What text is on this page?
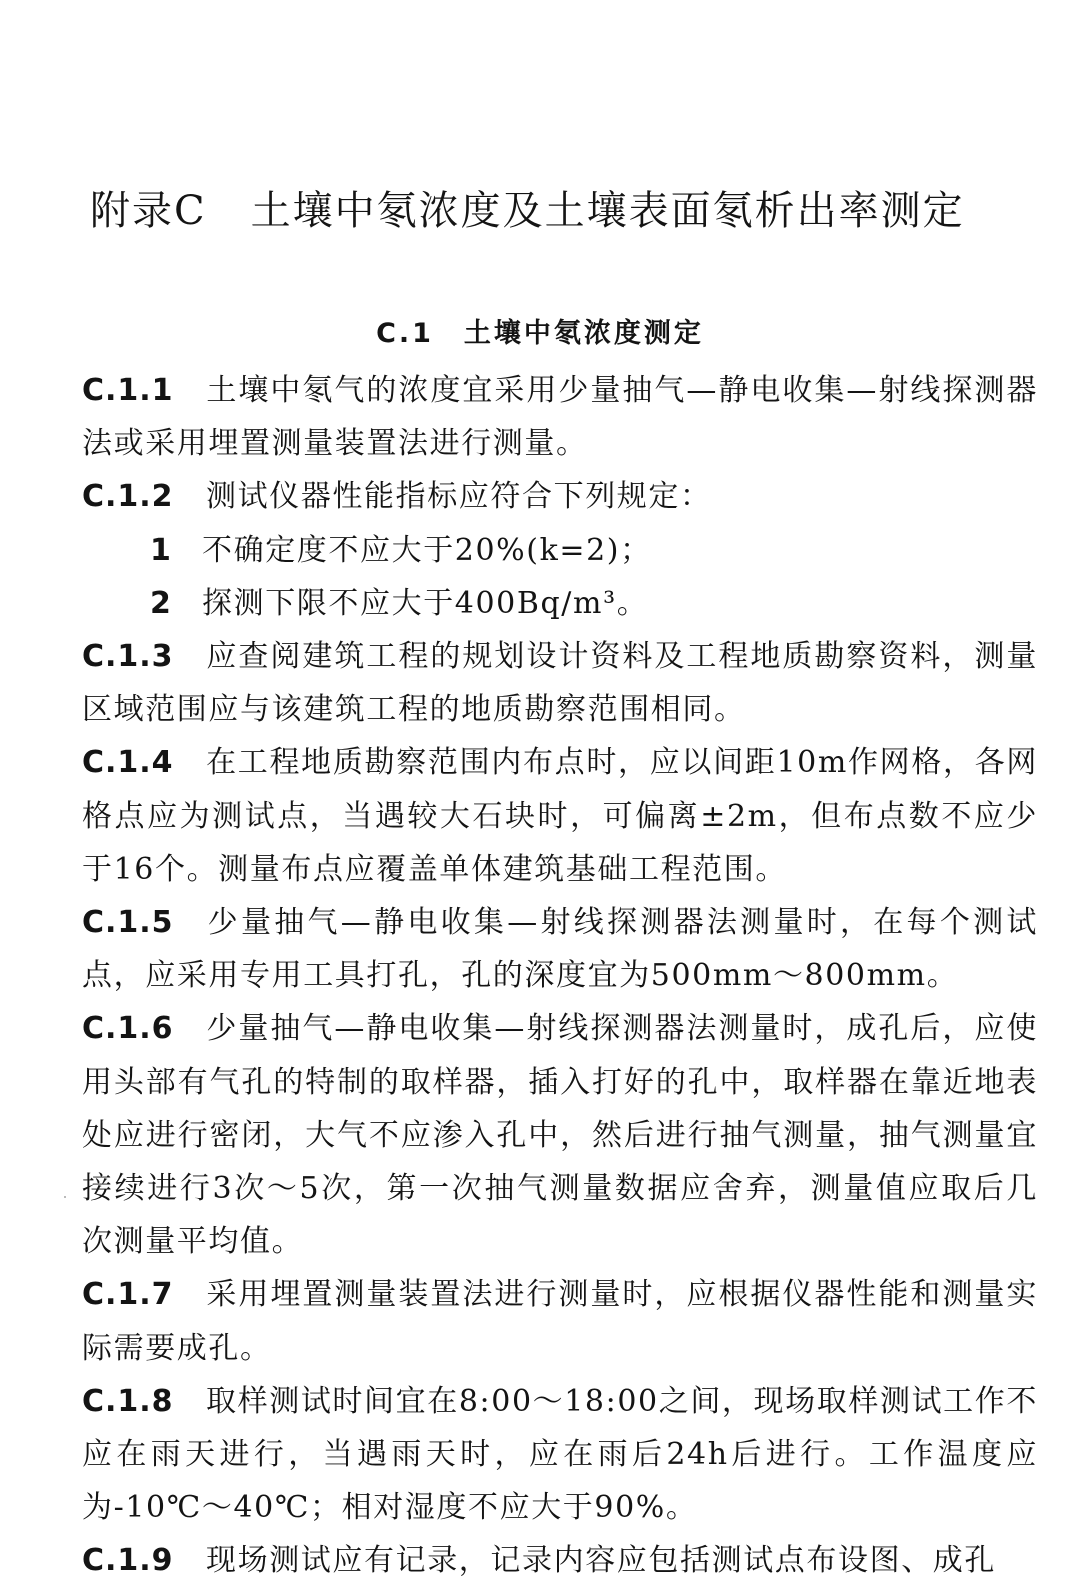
附录C 土壤中氡浓度及土壤表面氡析出率测定
C.1 土壤中氡浓度测定

C.1.1 土壤中氡气的浓度宜采用少量抽气—静电收集—射线探测器法或采用埋置测量装置法进行测量。

C.1.2 测试仪器性能指标应符合下列规定：

1 不确定度不应大于20%(k=2)；

2 探测下限不应大于400Bq/m³。

C.1.3 应查阅建筑工程的规划设计资料及工程地质勘察资料，测量区域范围应与该建筑工程的地质勘察范围相同。

C.1.4 在工程地质勘察范围内布点时，应以间距10m作网格，各网格点应为测试点，当遇较大石块时，可偏离±2m，但布点数不应少于16个。测量布点应覆盖单体建筑基础工程范围。

C.1.5 少量抽气—静电收集—射线探测器法测量时，在每个测试点，应采用专用工具打孔，孔的深度宜为500mm～800mm。

C.1.6 少量抽气—静电收集—射线探测器法测量时，成孔后，应使用头部有气孔的特制的取样器，插入打好的孔中，取样器在靠近地表处应进行密闭，大气不应渗入孔中，然后进行抽气测量，抽气测量宜接续进行3次～5次，第一次抽气测量数据应舍弃，测量值应取后几次测量平均值。

C.1.7 采用埋置测量装置法进行测量时，应根据仪器性能和测量实际需要成孔。

C.1.8 取样测试时间宜在8:00～18:00之间，现场取样测试工作不应在雨天进行，当遇雨天时，应在雨后24h后进行。工作温度应为-10℃～40℃；相对湿度不应大于90%。

C.1.9 现场测试应有记录，记录内容应包括测试点布设图、成孔
